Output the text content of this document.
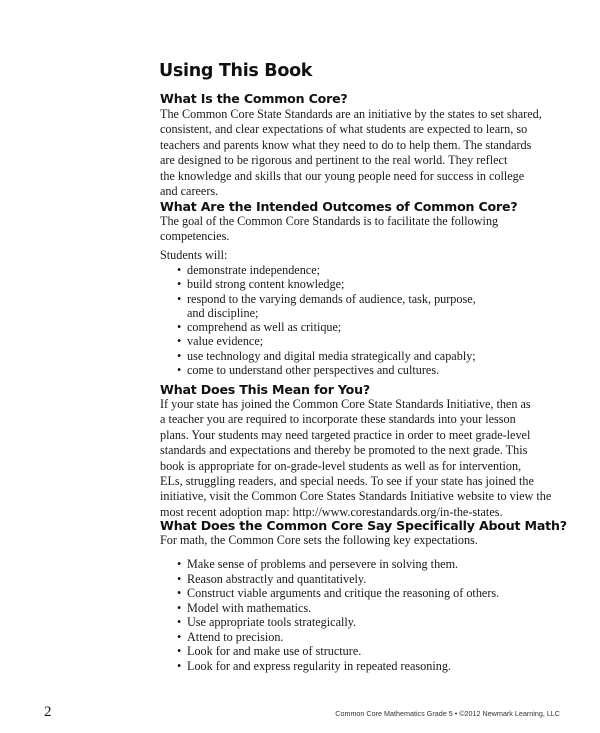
Using This Book
What Is the Common Core?
The Common Core State Standards are an initiative by the states to set shared,
consistent, and clear expectations of what students are expected to learn, so
teachers and parents know what they need to do to help them. The standards
are designed to be rigorous and pertinent to the real world. They reflect
the knowledge and skills that our young people need for success in college
and careers.
What Are the Intended Outcomes of Common Core?
The goal of the Common Core Standards is to facilitate the following
competencies.
Students will:
• demonstrate independence;
• build strong content knowledge;
• respond to the varying demands of audience, task, purpose,
and discipline;
• comprehend as well as critique;
• value evidence;
• use technology and digital media strategically and capably;
• come to understand other perspectives and cultures.
What Does This Mean for You?
If your state has joined the Common Core State Standards Initiative, then as
a teacher you are required to incorporate these standards into your lesson
plans. Your students may need targeted practice in order to meet grade-level
standards and expectations and thereby be promoted to the next grade. This
book is appropriate for on-grade-level students as well as for intervention,
ELs, struggling readers, and special needs. To see if your state has joined the
initiative, visit the Common Core States Standards Initiative website to view the
most recent adoption map: http://www.corestandards.org/in-the-states.
What Does the Common Core Say Specifically About Math?
For math, the Common Core sets the following key expectations.
• Make sense of problems and persevere in solving them.
• Reason abstractly and quantitatively.
• Construct viable arguments and critique the reasoning of others.
• Model with mathematics.
• Use appropriate tools strategically.
• Attend to precision.
• Look for and make use of structure.
• Look for and express regularity in repeated reasoning.
2	Common Core Mathematics Grade 5 • ©2012 Newmark Learning, LLC
